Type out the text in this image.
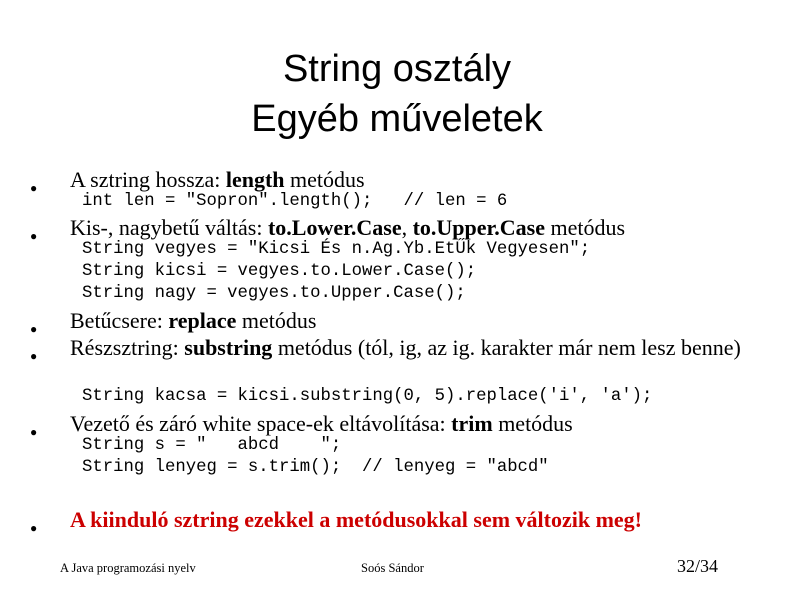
String osztály
Egyéb műveletek
● A sztring hossza: length metódus
int len = "Sopron".length();   // len = 6
● Kis-, nagybetű váltás: to.Lower.Case, to.Upper.Case metódus
String vegyes = "Kicsi És n.Ag.Yb.EtŰk Vegyesen";
String kicsi = vegyes.to.Lower.Case();
String nagy = vegyes.to.Upper.Case();
● Betűcsere: replace metódus
● Részsztring: substring metódus (tól, ig, az ig. karakter már nem lesz benne)
String kacsa = kicsi.substring(0, 5).replace('i', 'a');
● Vezető és záró white space-ek eltávolítása: trim metódus
String s = "   abcd    ";
String lenyeg = s.trim();  // lenyeg = "abcd"
● A kiinduló sztring ezekkel a metódusokkal sem változik meg!
A Java programozási nyelv	Soós Sándor	32/34
